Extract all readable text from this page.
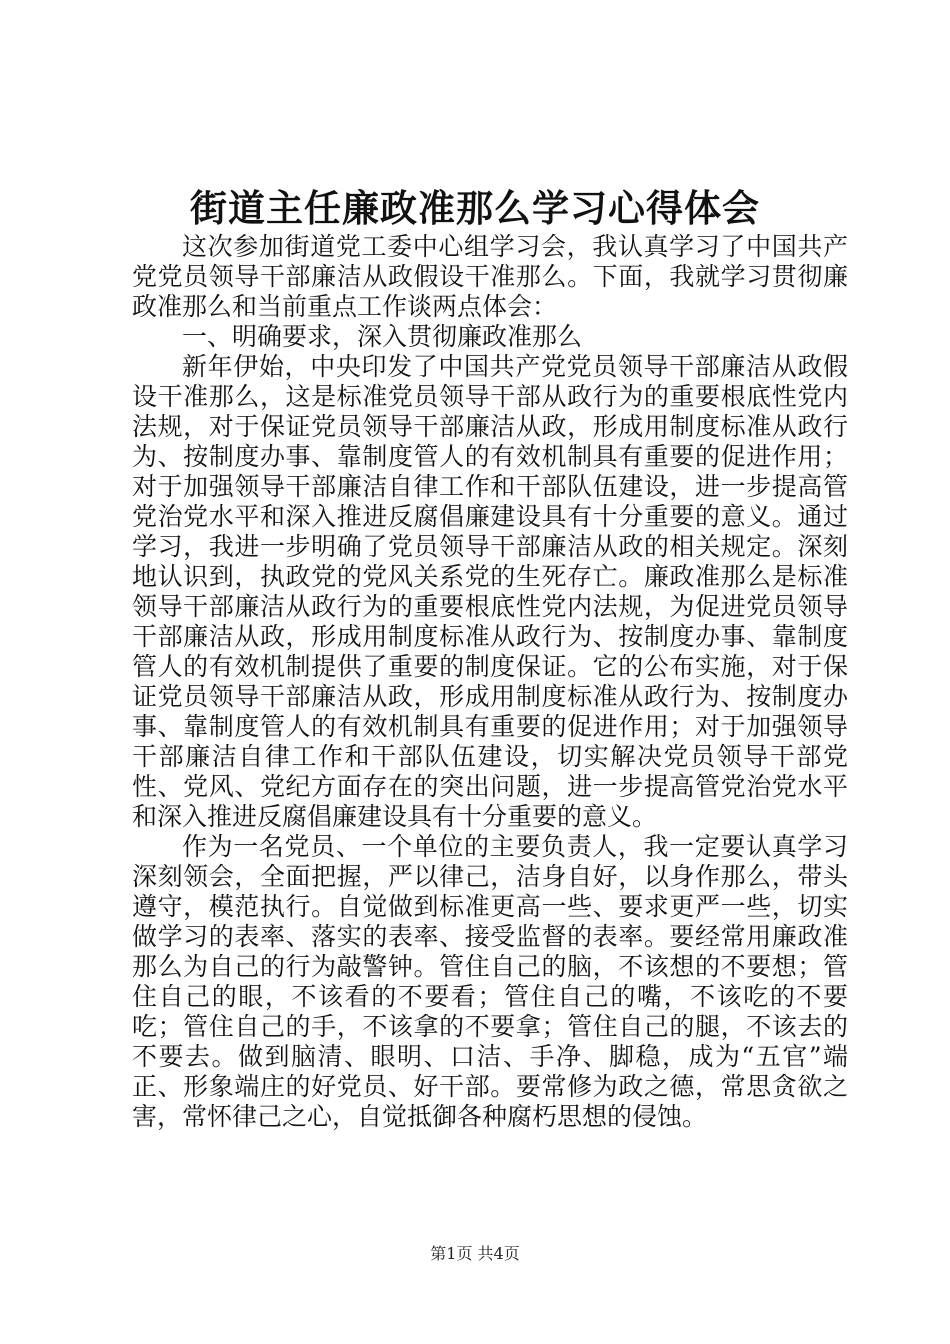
街道主任廉政准那么学习心得体会

这次参加街道党工委中心组学习会，我认真学习了中国共产党党员领导干部廉洁从政假设干准那么。下面，我就学习贯彻廉政准那么和当前重点工作谈两点体会：

一、明确要求，深入贯彻廉政准那么

新年伊始，中央印发了中国共产党党员领导干部廉洁从政假设干准那么，这是标准党员领导干部从政行为的重要根底性党内法规，对于保证党员领导干部廉洁从政，形成用制度标准从政行为、按制度办事、靠制度管人的有效机制具有重要的促进作用；对于加强领导干部廉洁自律工作和干部队伍建设，进一步提高管党治党水平和深入推进反腐倡廉建设具有十分重要的意义。通过学习，我进一步明确了党员领导干部廉洁从政的相关规定。深刻地认识到，执政党的党风关系党的生死存亡。廉政准那么是标准领导干部廉洁从政行为的重要根底性党内法规，为促进党员领导干部廉洁从政，形成用制度标准从政行为、按制度办事、靠制度管人的有效机制提供了重要的制度保证。它的公布实施，对于保证党员领导干部廉洁从政，形成用制度标准从政行为、按制度办事、靠制度管人的有效机制具有重要的促进作用；对于加强领导干部廉洁自律工作和干部队伍建设，切实解决党员领导干部党性、党风、党纪方面存在的突出问题，进一步提高管党治党水平和深入推进反腐倡廉建设具有十分重要的意义。

作为一名党员、一个单位的主要负责人，我一定要认真学习深刻领会，全面把握，严以律己，洁身自好，以身作那么，带头遵守，模范执行。自觉做到标准更高一些、要求更严一些，切实做学习的表率、落实的表率、接受监督的表率。要经常用廉政准那么为自己的行为敲警钟。管住自己的脑，不该想的不要想；管住自己的眼，不该看的不要看；管住自己的嘴，不该吃的不要吃；管住自己的手，不该拿的不要拿；管住自己的腿，不该去的不要去。做到脑清、眼明、口洁、手净、脚稳，成为“五官”端正、形象端庄的好党员、好干部。要常修为政之德，常思贪欲之害，常怀律己之心，自觉抵御各种腐朽思想的侵蚀。

第1页 共4页
